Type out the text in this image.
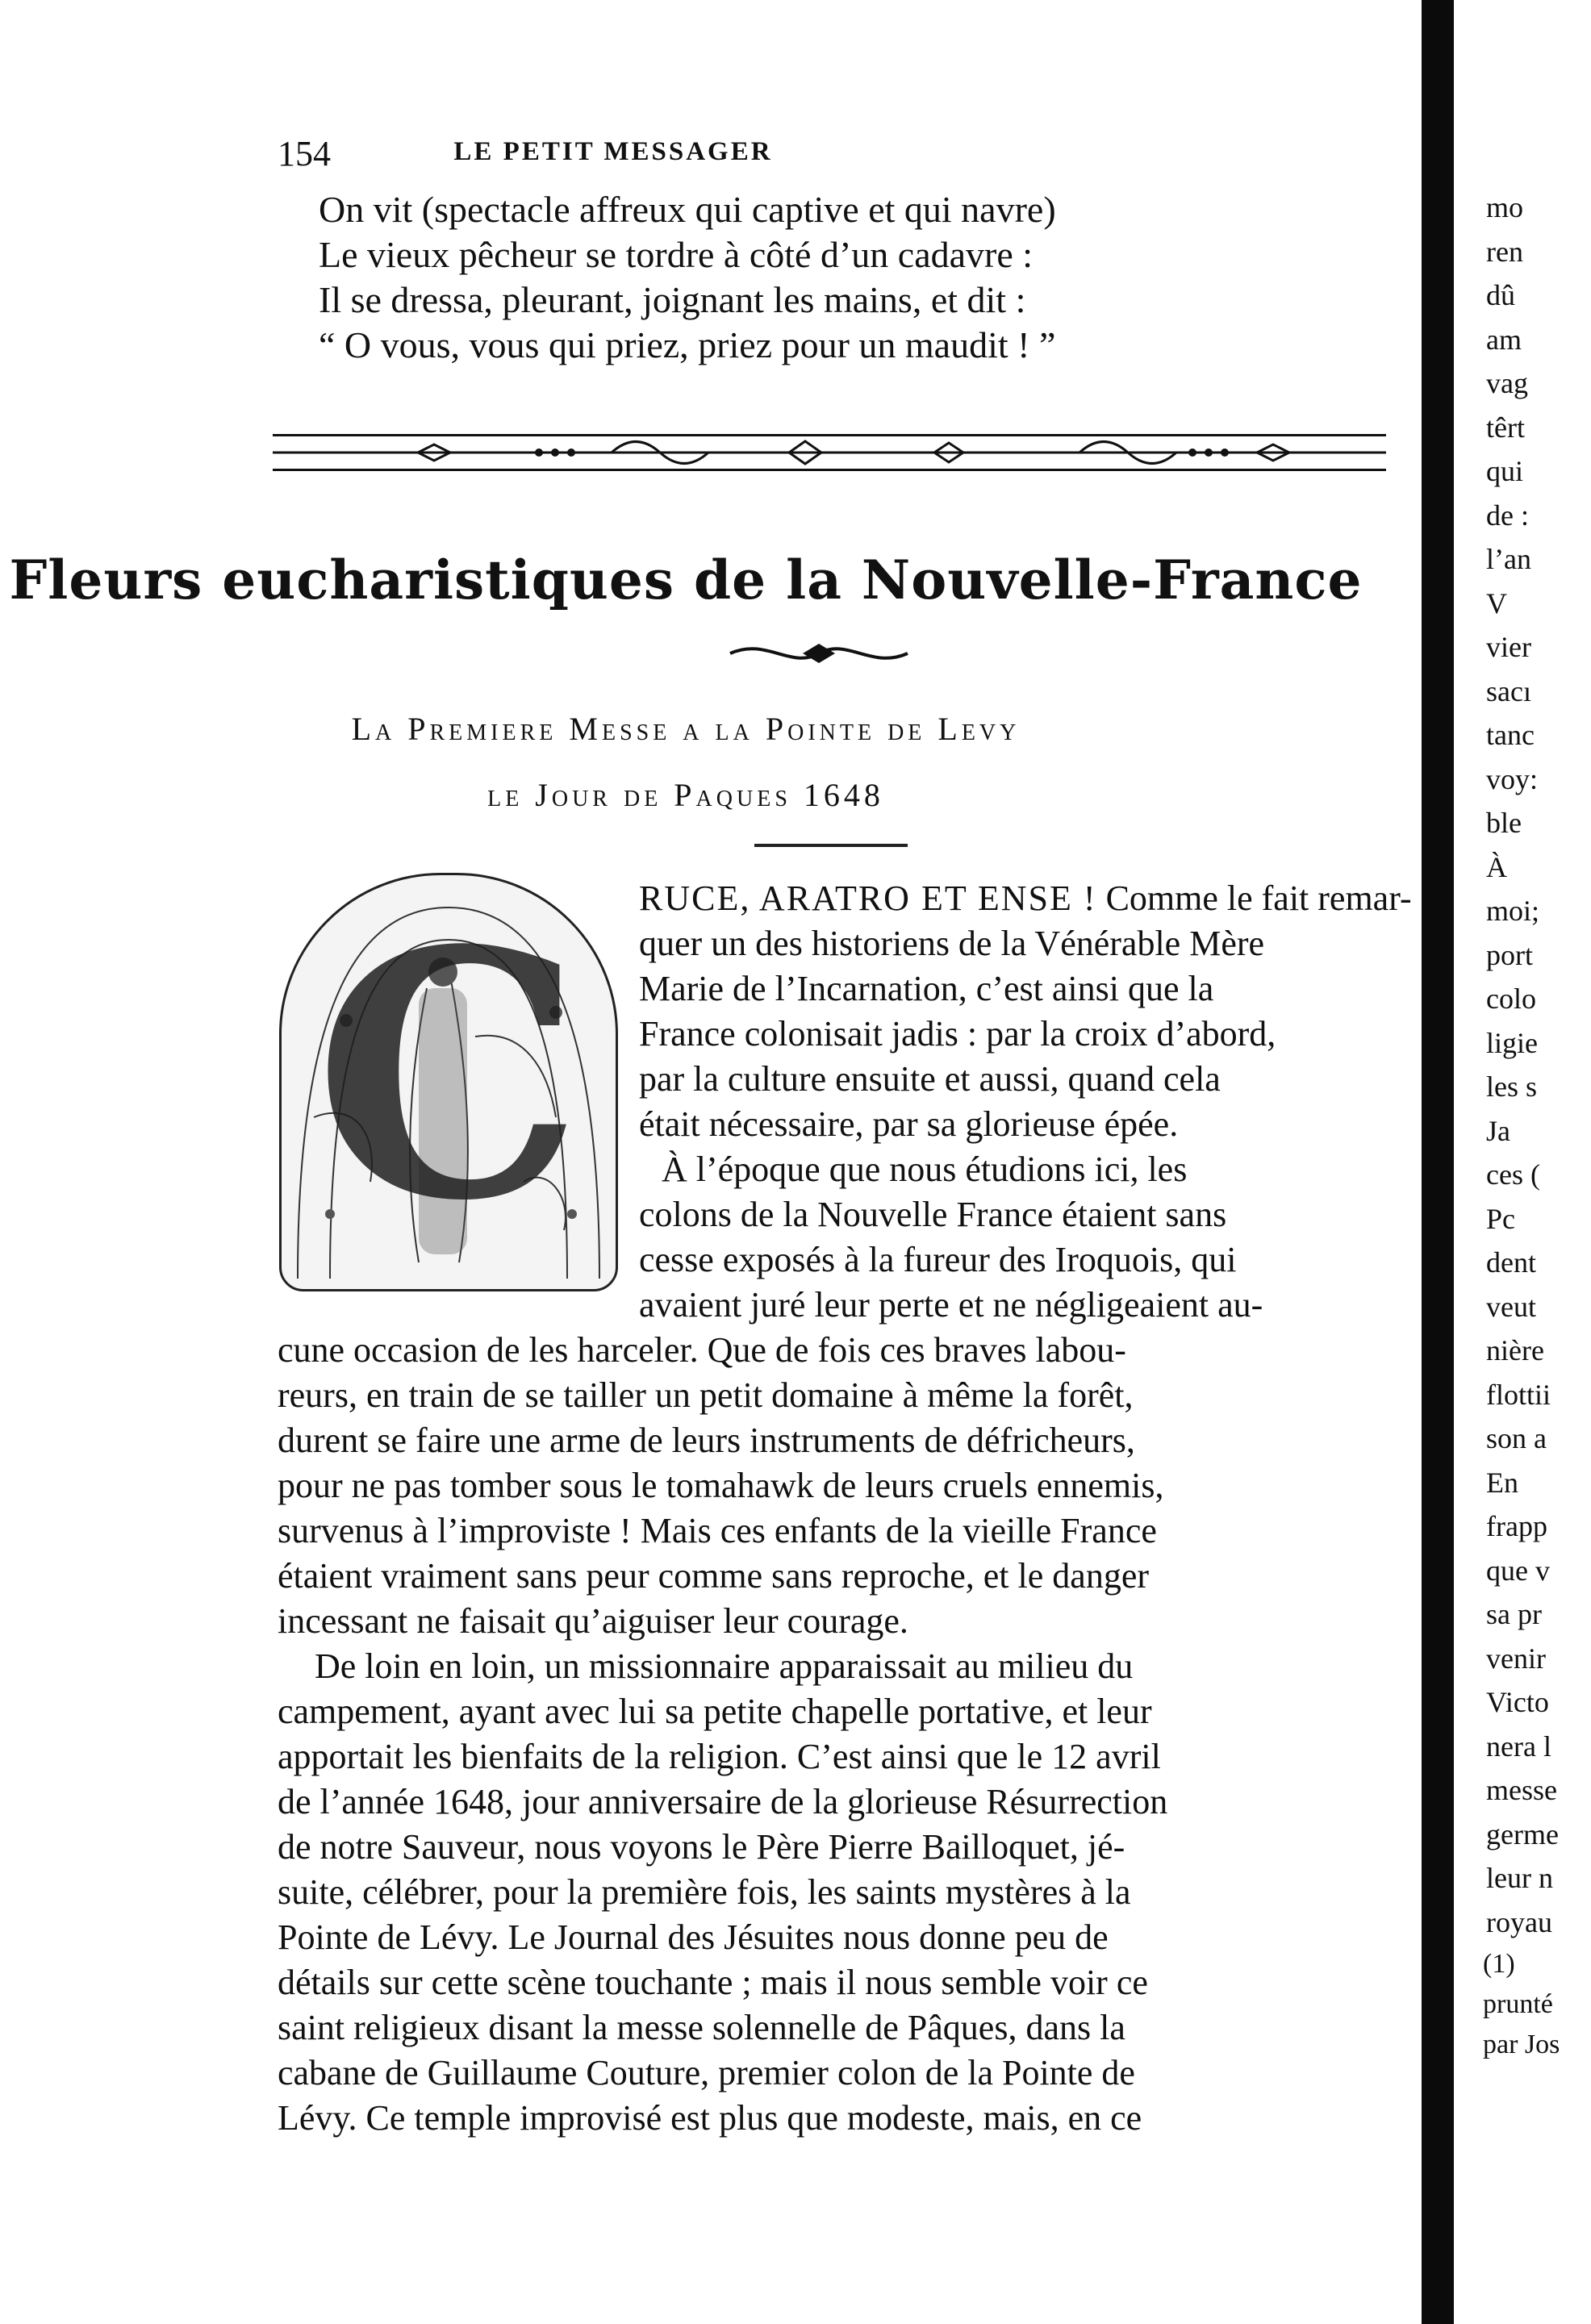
154	LE PETIT MESSAGER
On vit (spectacle affreux qui captive et qui navre)
Le vieux pêcheur se tordre à côté d’un cadavre :
Il se dressa, pleurant, joignant les mains, et dit :
“ O vous, vous qui priez, priez pour un maudit ! ”
Fleurs eucharistiques de la Nouvelle-France
La Premiere Messe a la Pointe de Levy
le Jour de Paques 1648
C	RUCE, ARATRO ET ENSE ! Comme le fait remar-
quer un des historiens de la Vénérable Mère
Marie de l’Incarnation, c’est ainsi que la
France colonisait jadis : par la croix d’abord,
par la culture ensuite et aussi, quand cela
était nécessaire, par sa glorieuse épée.
À l’époque que nous étudions ici, les
colons de la Nouvelle France étaient sans
cesse exposés à la fureur des Iroquois, qui
avaient juré leur perte et ne négligeaient au-
cune occasion de les harceler. Que de fois ces braves labou-
reurs, en train de se tailler un petit domaine à même la forêt,
durent se faire une arme de leurs instruments de défricheurs,
pour ne pas tomber sous le tomahawk de leurs cruels ennemis,
survenus à l’improviste ! Mais ces enfants de la vieille France
étaient vraiment sans peur comme sans reproche, et le danger
incessant ne faisait qu’aiguiser leur courage.
De loin en loin, un missionnaire apparaissait au milieu du
campement, ayant avec lui sa petite chapelle portative, et leur
apportait les bienfaits de la religion. C’est ainsi que le 12 avril
de l’année 1648, jour anniversaire de la glorieuse Résurrection
de notre Sauveur, nous voyons le Père Pierre Bailloquet, jé-
suite, célébrer, pour la première fois, les saints mystères à la
Pointe de Lévy. Le Journal des Jésuites nous donne peu de
détails sur cette scène touchante ; mais il nous semble voir ce
saint religieux disant la messe solennelle de Pâques, dans la
cabane de Guillaume Couture, premier colon de la Pointe de
Lévy. Ce temple improvisé est plus que modeste, mais, en ce
mo
ren
dû
am
vag
têrt
qui
de :
l’an
V
vier
sacı
tanc
voy:
ble
À
moi;
port
colo
ligie
les s
Ja
ces (
Pc
dent
veut
nière
flottii
son a
En
frapp
que v
sa pr
venir
Victo
nera l
messe
germe
leur n
royau
(1)
prunté
par Jos
